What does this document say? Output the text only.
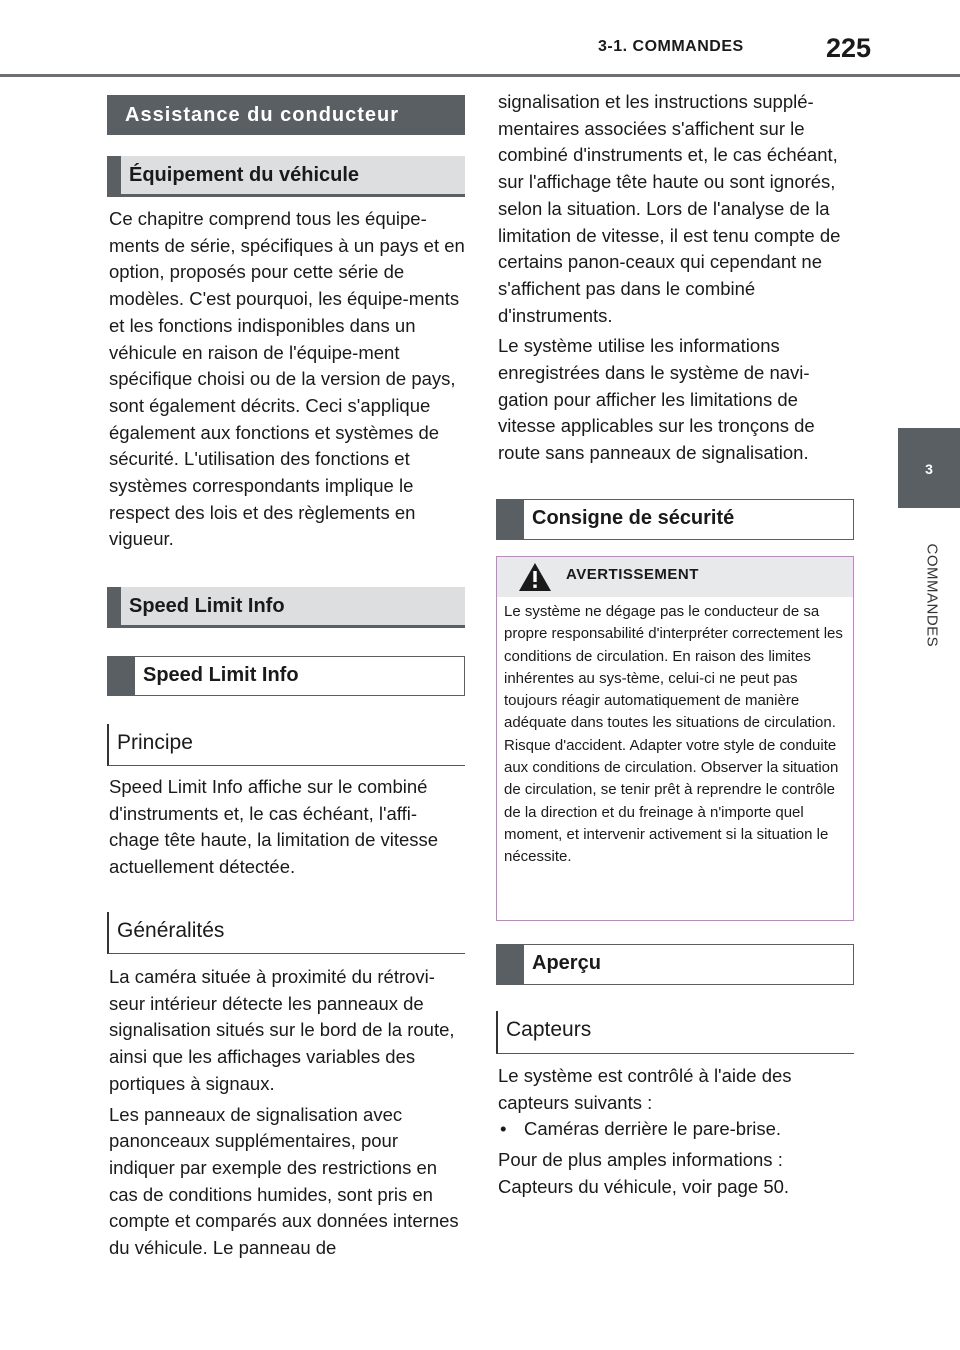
3-1. COMMANDES	225
3
COMMANDES
Assistance du conducteur
Équipement du véhicule

Ce chapitre comprend tous les équipe-ments de série, spécifiques à un pays et en option, proposés pour cette série de modèles. C'est pourquoi, les équipe-ments et les fonctions indisponibles dans un véhicule en raison de l'équipe-ment spécifique choisi ou de la version de pays, sont également décrits. Ceci s'applique également aux fonctions et systèmes de sécurité. L'utilisation des fonctions et systèmes correspondants implique le respect des lois et des règlements en vigueur.

Speed Limit Info
Speed Limit Info
Principe

Speed Limit Info affiche sur le combiné d'instruments et, le cas échéant, l'affi-chage tête haute, la limitation de vitesse actuellement détectée.

Généralités

La caméra située à proximité du rétrovi-seur intérieur détecte les panneaux de signalisation situés sur le bord de la route, ainsi que les affichages variables des portiques à signaux.

Les panneaux de signalisation avec panonceaux supplémentaires, pour indiquer par exemple des restrictions en cas de conditions humides, sont pris en compte et comparés aux données internes du véhicule. Le panneau de

signalisation et les instructions supplé-mentaires associées s'affichent sur le combiné d'instruments et, le cas échéant, sur l'affichage tête haute ou sont ignorés, selon la situation. Lors de l'analyse de la limitation de vitesse, il est tenu compte de certains panon-ceaux qui cependant ne s'affichent pas dans le combiné d'instruments.

Le système utilise les informations enregistrées dans le système de navi-gation pour afficher les limitations de vitesse applicables sur les tronçons de route sans panneaux de signalisation.

Consigne de sécurité
AVERTISSEMENT
Le système ne dégage pas le conducteur de sa propre responsabilité d'interpréter correctement les conditions de circulation. En raison des limites inhérentes au sys-tème, celui-ci ne peut pas toujours réagir automatiquement de manière adéquate dans toutes les situations de circulation. Risque d'accident. Adapter votre style de conduite aux conditions de circulation. Observer la situation de circulation, se tenir prêt à reprendre le contrôle de la direction et du freinage à n'importe quel moment, et intervenir activement si la situation le nécessite.
Aperçu
Capteurs

Le système est contrôlé à l'aide des capteurs suivants :

• Caméras derrière le pare-brise.

Pour de plus amples informations : Capteurs du véhicule, voir page 50.
